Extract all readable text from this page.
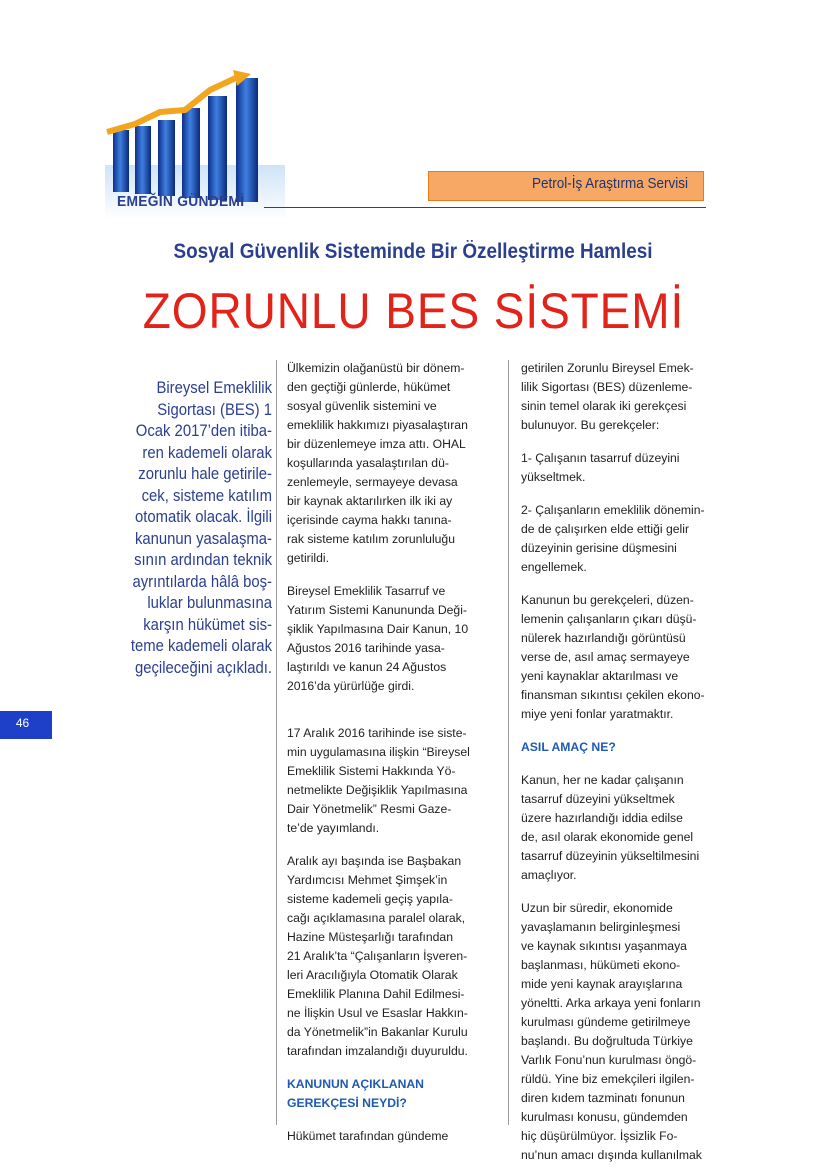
EMEĞİN GÜNDEMİ
Petrol-İş Araştırma Servisi
Sosyal Güvenlik Sisteminde Bir Özelleştirme Hamlesi
ZORUNLU BES SİSTEMİ
Bireysel Emeklilik
Sigortası (BES) 1
Ocak 2017’den itiba-
ren kademeli olarak
zorunlu hale getirile-
cek, sisteme katılım
otomatik olacak. İlgili
kanunun yasalaşma-
sının ardından teknik
ayrıntılarda hâlâ boş-
luklar bulunmasına
karşın hükümet sis-
teme kademeli olarak
geçileceğini açıkladı.
46
Ülkemizin olağanüstü bir dönem-
den geçtiği günlerde, hükümet
sosyal güvenlik sistemini ve
emeklilik hakkımızı piyasalaştıran
bir düzenlemeye imza attı. OHAL
koşullarında yasalaştırılan dü-
zenlemeyle, sermayeye devasa
bir kaynak aktarılırken ilk iki ay
içerisinde cayma hakkı tanına-
rak sisteme katılım zorunluluğu
getirildi.
Bireysel Emeklilik Tasarruf ve
Yatırım Sistemi Kanununda Deği-
şiklik Yapılmasına Dair Kanun, 10
Ağustos 2016 tarihinde yasa-
laştırıldı ve kanun 24 Ağustos
2016’da yürürlüğe girdi.
17 Aralık 2016 tarihinde ise siste-
min uygulamasına ilişkin “Bireysel
Emeklilik Sistemi Hakkında Yö-
netmelikte Değişiklik Yapılmasına
Dair Yönetmelik” Resmi Gaze-
te’de yayımlandı.
Aralık ayı başında ise Başbakan
Yardımcısı Mehmet Şimşek’in
sisteme kademeli geçiş yapıla-
cağı açıklamasına paralel olarak,
Hazine Müsteşarlığı tarafından
21 Aralık’ta “Çalışanların İşveren-
leri Aracılığıyla Otomatik Olarak
Emeklilik Planına Dahil Edilmesi-
ne İlişkin Usul ve Esaslar Hakkın-
da Yönetmelik”in Bakanlar Kurulu
tarafından imzalandığı duyuruldu.
KANUNUN AÇIKLANAN
GEREKÇESİ NEYDİ?
Hükümet tarafından gündeme
getirilen Zorunlu Bireysel Emek-
lilik Sigortası (BES) düzenleme-
sinin temel olarak iki gerekçesi
bulunuyor. Bu gerekçeler:
1- Çalışanın tasarruf düzeyini
yükseltmek.
2- Çalışanların emeklilik dönemin-
de de çalışırken elde ettiği gelir
düzeyinin gerisine düşmesini
engellemek.
Kanunun bu gerekçeleri, düzen-
lemenin çalışanların çıkarı düşü-
nülerek hazırlandığı görüntüsü
verse de, asıl amaç sermayeye
yeni kaynaklar aktarılması ve
finansman sıkıntısı çekilen ekono-
miye yeni fonlar yaratmaktır.
ASIL AMAÇ NE?
Kanun, her ne kadar çalışanın
tasarruf düzeyini yükseltmek
üzere hazırlandığı iddia edilse
de, asıl olarak ekonomide genel
tasarruf düzeyinin yükseltilmesini
amaçlıyor.
Uzun bir süredir, ekonomide
yavaşlamanın belirginleşmesi
ve kaynak sıkıntısı yaşanmaya
başlanması, hükümeti ekono-
mide yeni kaynak arayışlarına
yöneltti. Arka arkaya yeni fonların
kurulması gündeme getirilmeye
başlandı. Bu doğrultuda Türkiye
Varlık Fonu’nun kurulması öngö-
rüldü. Yine biz emekçileri ilgilen-
diren kıdem tazminatı fonunun
kurulması konusu, gündemden
hiç düşürülmüyor. İşsizlik Fo-
nu’nun amacı dışında kullanılmak
